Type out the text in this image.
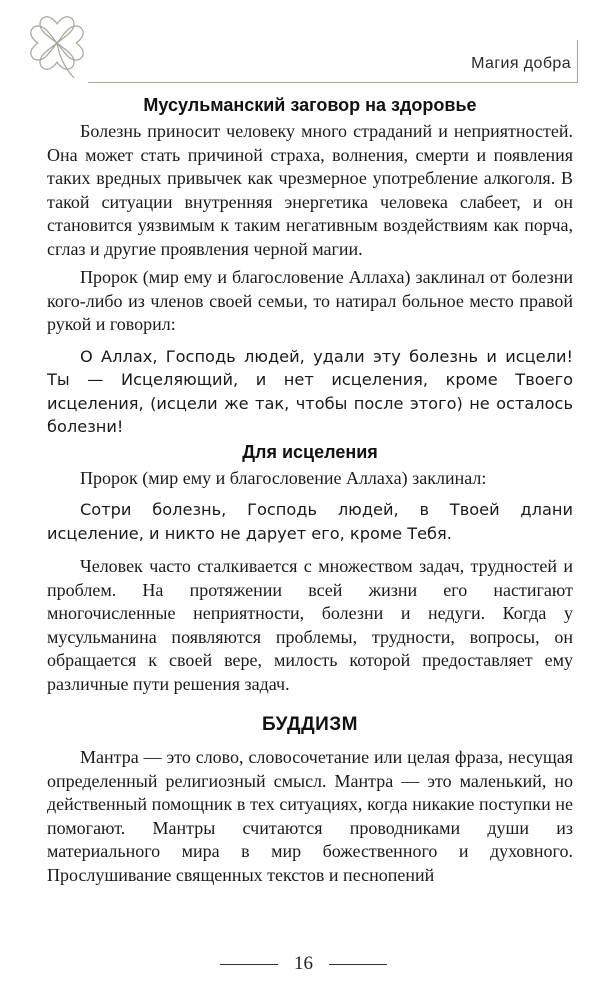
Магия добра
Мусульманский заговор на здоровье

Болезнь приносит человеку много страданий и неприятностей. Она может стать причиной страха, волнения, смерти и появления таких вредных привычек как чрезмерное употребление алкоголя. В такой ситуации внутренняя энергетика человека слабеет, и он становится уязвимым к таким негативным воздействиям как порча, сглаз и другие проявления черной магии.

Пророк (мир ему и благословение Аллаха) заклинал от болезни кого-либо из членов своей семьи, то натирал больное место правой рукой и говорил:

О Аллах, Господь людей, удали эту болезнь и исцели! Ты — Исцеляющий, и нет исцеления, кроме Твоего исцеления, (исцели же так, чтобы после этого) не осталось болезни!
Для исцеления

Пророк (мир ему и благословение Аллаха) заклинал:

Сотри болезнь, Господь людей, в Твоей длани исцеление, и никто не дарует его, кроме Тебя.

Человек часто сталкивается с множеством задач, трудностей и проблем. На протяжении всей жизни его настигают многочисленные неприятности, болезни и недуги. Когда у мусульманина появляются проблемы, трудности, вопросы, он обращается к своей вере, милость которой предоставляет ему различные пути решения задач.

БУДДИЗМ

Мантра — это слово, словосочетание или целая фраза, несущая определенный религиозный смысл. Мантра — это маленький, но действенный помощник в тех ситуациях, когда никакие поступки не помогают. Мантры считаются проводниками души из материального мира в мир божественного и духовного. Прослушивание священных текстов и песнопений

16
